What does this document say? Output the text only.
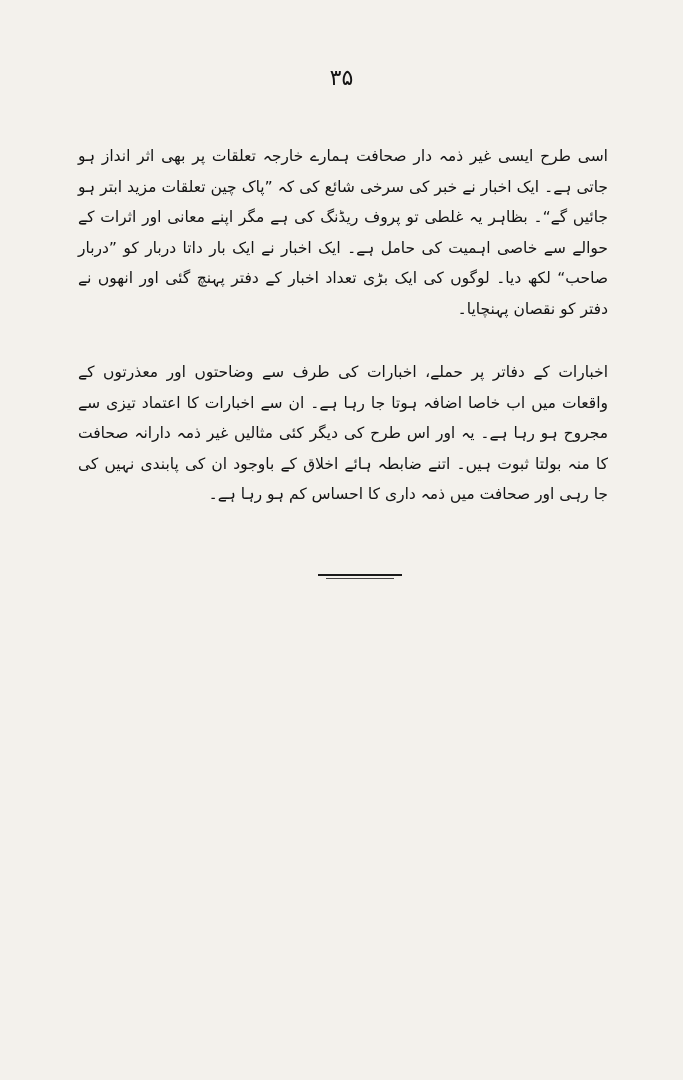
۳۵

اسی طرح ایسی غیر ذمہ دار صحافت ہمارے خارجہ تعلقات پر بھی اثر انداز ہو جاتی ہے۔ ایک اخبار نے خبر کی سرخی شائع کی کہ ”پاک چین تعلقات مزید ابتر ہو جائیں گے“۔ بظاہر یہ غلطی تو پروف ریڈنگ کی ہے مگر اپنے معانی اور اثرات کے حوالے سے خاصی اہمیت کی حامل ہے۔ ایک اخبار نے ایک بار داتا دربار کو ”دربار صاحب“ لکھ دیا۔ لوگوں کی ایک بڑی تعداد اخبار کے دفتر پہنچ گئی اور انھوں نے دفتر کو نقصان پہنچایا۔

اخبارات کے دفاتر پر حملے، اخبارات کی طرف سے وضاحتوں اور معذرتوں کے واقعات میں اب خاصا اضافہ ہوتا جا رہا ہے۔ ان سے اخبارات کا اعتماد تیزی سے مجروح ہو رہا ہے۔ یہ اور اس طرح کی دیگر کئی مثالیں غیر ذمہ دارانہ صحافت کا منہ بولتا ثبوت ہیں۔ اتنے ضابطہ ہائے اخلاق کے باوجود ان کی پابندی نہیں کی جا رہی اور صحافت میں ذمہ داری کا احساس کم ہو رہا ہے۔
